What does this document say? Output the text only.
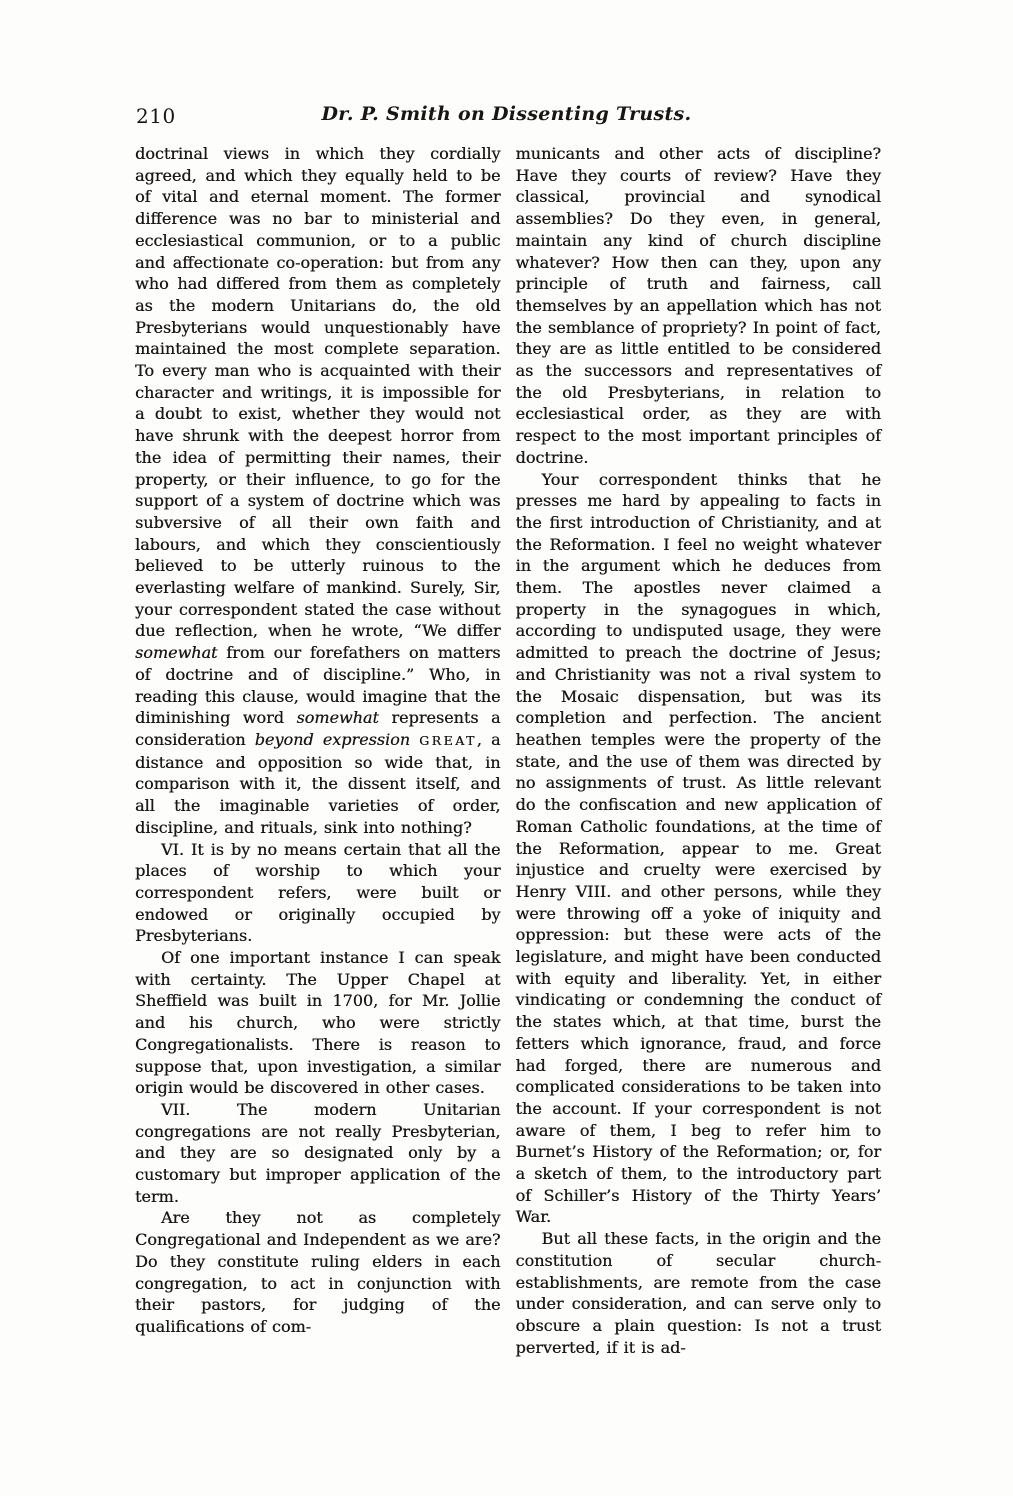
210	Dr. P. Smith on Dissenting Trusts.

doctrinal views in which they cordially agreed, and which they equally held to be of vital and eternal moment. The former difference was no bar to ministerial and ecclesiastical communion, or to a public and affectionate co-operation: but from any who had differed from them as completely as the modern Unitarians do, the old Presbyterians would unquestionably have maintained the most complete separation. To every man who is acquainted with their character and writings, it is impossible for a doubt to exist, whether they would not have shrunk with the deepest horror from the idea of permitting their names, their property, or their influence, to go for the support of a system of doctrine which was subversive of all their own faith and labours, and which they conscientiously believed to be utterly ruinous to the everlasting welfare of mankind. Surely, Sir, your correspondent stated the case without due reflection, when he wrote, “We differ somewhat from our forefathers on matters of doctrine and of discipline.” Who, in reading this clause, would imagine that the diminishing word somewhat represents a consideration beyond expression GREAT, a distance and opposition so wide that, in comparison with it, the dissent itself, and all the imaginable varieties of order, discipline, and rituals, sink into nothing?

VI. It is by no means certain that all the places of worship to which your correspondent refers, were built or endowed or originally occupied by Presbyterians.

Of one important instance I can speak with certainty. The Upper Chapel at Sheffield was built in 1700, for Mr. Jollie and his church, who were strictly Congregationalists. There is reason to suppose that, upon investigation, a similar origin would be discovered in other cases.

VII. The modern Unitarian congregations are not really Presbyterian, and they are so designated only by a customary but improper application of the term.

Are they not as completely Congregational and Independent as we are? Do they constitute ruling elders in each congregation, to act in conjunction with their pastors, for judging of the qualifications of com-

municants and other acts of discipline? Have they courts of review? Have they classical, provincial and synodical assemblies? Do they even, in general, maintain any kind of church discipline whatever? How then can they, upon any principle of truth and fairness, call themselves by an appellation which has not the semblance of propriety? In point of fact, they are as little entitled to be considered as the successors and representatives of the old Presbyterians, in relation to ecclesiastical order, as they are with respect to the most important principles of doctrine.

Your correspondent thinks that he presses me hard by appealing to facts in the first introduction of Christianity, and at the Reformation. I feel no weight whatever in the argument which he deduces from them. The apostles never claimed a property in the synagogues in which, according to undisputed usage, they were admitted to preach the doctrine of Jesus; and Christianity was not a rival system to the Mosaic dispensation, but was its completion and perfection. The ancient heathen temples were the property of the state, and the use of them was directed by no assignments of trust. As little relevant do the confiscation and new application of Roman Catholic foundations, at the time of the Reformation, appear to me. Great injustice and cruelty were exercised by Henry VIII. and other persons, while they were throwing off a yoke of iniquity and oppression: but these were acts of the legislature, and might have been conducted with equity and liberality. Yet, in either vindicating or condemning the conduct of the states which, at that time, burst the fetters which ignorance, fraud, and force had forged, there are numerous and complicated considerations to be taken into the account. If your correspondent is not aware of them, I beg to refer him to Burnet’s History of the Reformation; or, for a sketch of them, to the introductory part of Schiller’s History of the Thirty Years’ War.

But all these facts, in the origin and the constitution of secular church-establishments, are remote from the case under consideration, and can serve only to obscure a plain question: Is not a trust perverted, if it is ad-
